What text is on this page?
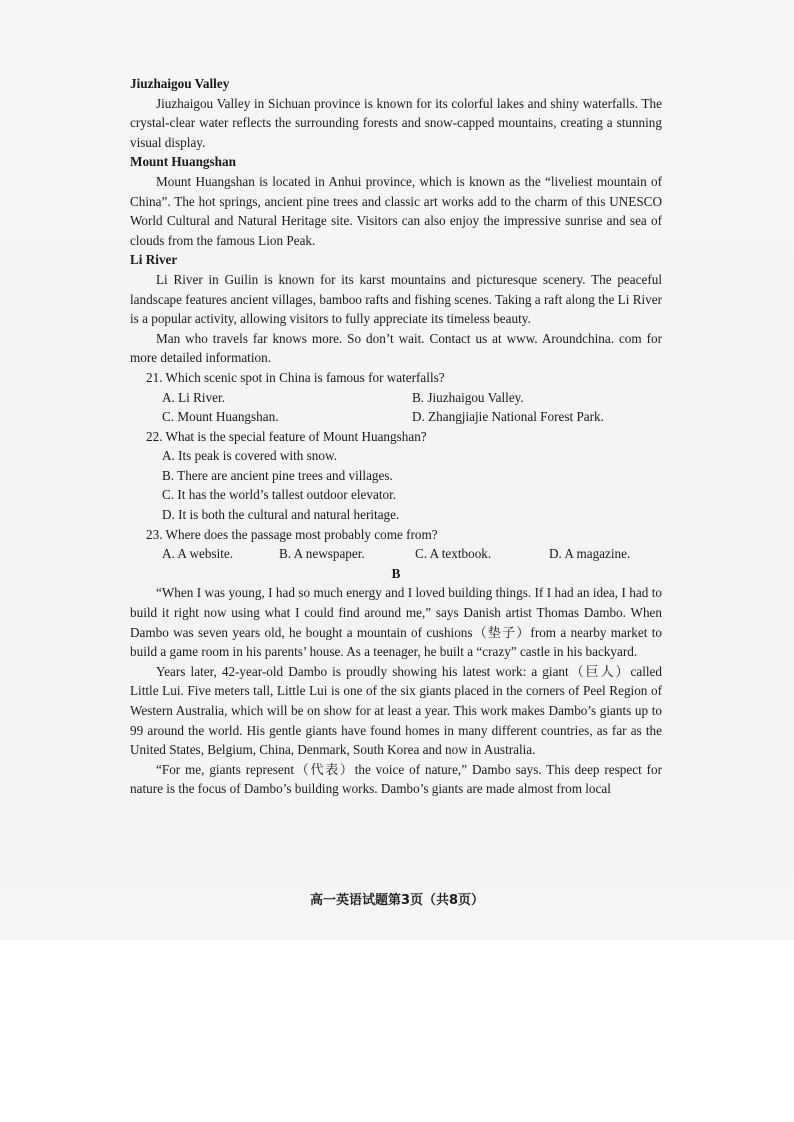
Jiuzhaigou Valley

Jiuzhaigou Valley in Sichuan province is known for its colorful lakes and shiny waterfalls. The crystal-clear water reflects the surrounding forests and snow-capped mountains, creating a stunning visual display.

Mount Huangshan

Mount Huangshan is located in Anhui province, which is known as the “liveliest mountain of China”. The hot springs, ancient pine trees and classic art works add to the charm of this UNESCO World Cultural and Natural Heritage site. Visitors can also enjoy the impressive sunrise and sea of clouds from the famous Lion Peak.

Li River

Li River in Guilin is known for its karst mountains and picturesque scenery. The peaceful landscape features ancient villages, bamboo rafts and fishing scenes. Taking a raft along the Li River is a popular activity, allowing visitors to fully appreciate its timeless beauty.

Man who travels far knows more. So don’t wait. Contact us at www. Aroundchina. com for more detailed information.

21. Which scenic spot in China is famous for waterfalls?

A. Li River.	B. Jiuzhaigou Valley.
C. Mount Huangshan.	D. Zhangjiajie National Forest Park.

22. What is the special feature of Mount Huangshan?

A. Its peak is covered with snow.

B. There are ancient pine trees and villages.

C. It has the world’s tallest outdoor elevator.

D. It is both the cultural and natural heritage.

23. Where does the passage most probably come from?

A. A website.	B. A newspaper.	C. A textbook.	D. A magazine.

B

“When I was young, I had so much energy and I loved building things. If I had an idea, I had to build it right now using what I could find around me,” says Danish artist Thomas Dambo. When Dambo was seven years old, he bought a mountain of cushions（垫子）from a nearby market to build a game room in his parents’ house. As a teenager, he built a “crazy” castle in his backyard.

Years later, 42-year-old Dambo is proudly showing his latest work: a giant（巨人）called Little Lui. Five meters tall, Little Lui is one of the six giants placed in the corners of Peel Region of Western Australia, which will be on show for at least a year. This work makes Dambo’s giants up to 99 around the world. His gentle giants have found homes in many different countries, as far as the United States, Belgium, China, Denmark, South Korea and now in Australia.

“For me, giants represent（代表）the voice of nature,” Dambo says. This deep respect for nature is the focus of Dambo’s building works. Dambo’s giants are made almost from local

高一英语试题第3页（共8页）
